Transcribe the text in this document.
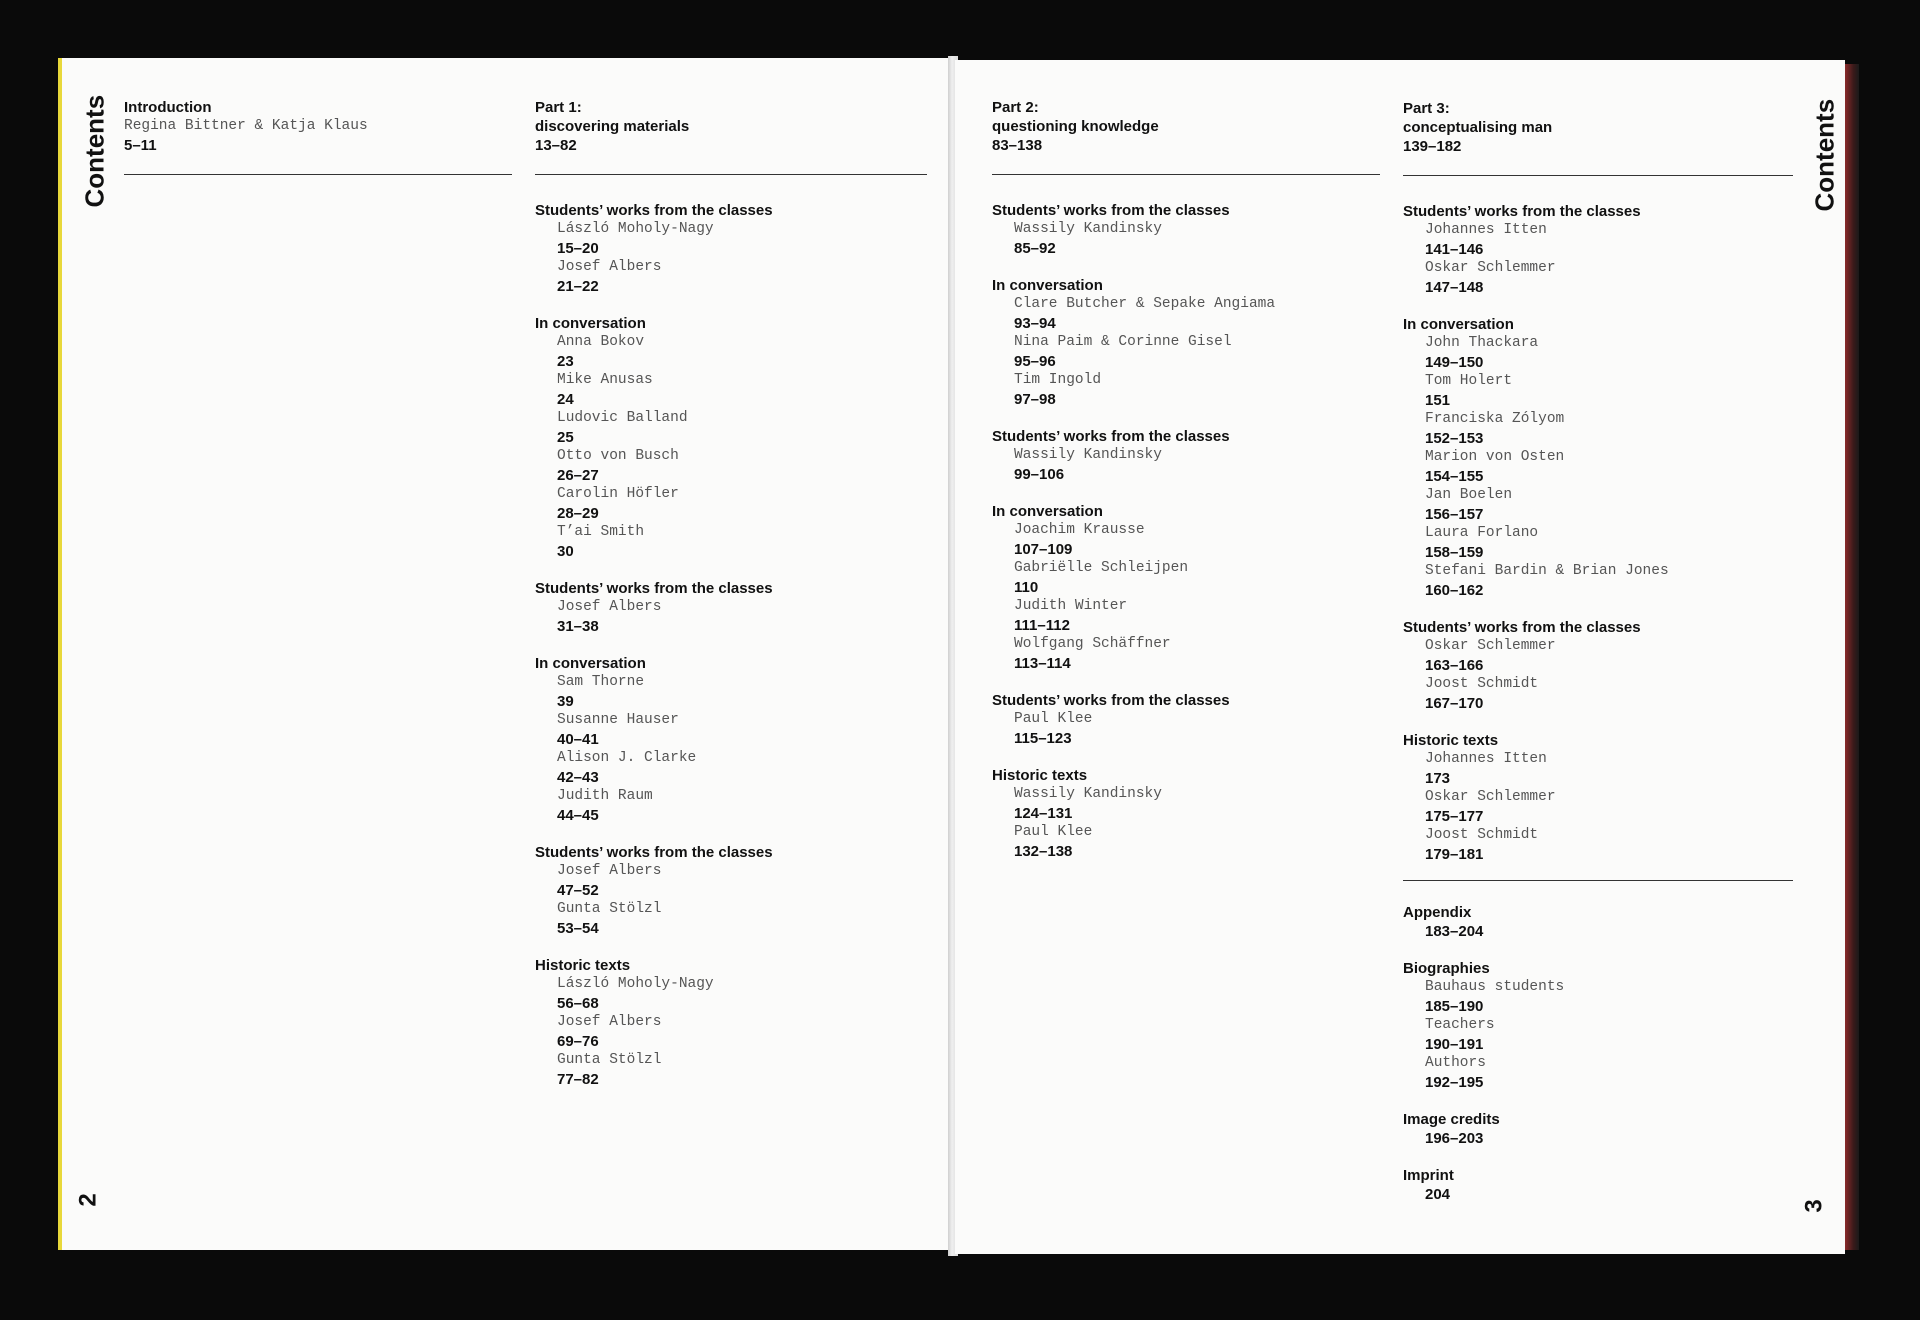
Contents
2
Introduction
Regina Bittner & Katja Klaus
5–11
Part 1:
discovering materials
13–82
Students’ works from the classes
László Moholy-Nagy
15–20
Josef Albers
21–22
In conversation
Anna Bokov
23
Mike Anusas
24
Ludovic Balland
25
Otto von Busch
26–27
Carolin Höfler
28–29
T’ai Smith
30
Students’ works from the classes
Josef Albers
31–38
In conversation
Sam Thorne
39
Susanne Hauser
40–41
Alison J. Clarke
42–43
Judith Raum
44–45
Students’ works from the classes
Josef Albers
47–52
Gunta Stölzl
53–54
Historic texts
László Moholy-Nagy
56–68
Josef Albers
69–76
Gunta Stölzl
77–82
Contents
3
Part 2:
questioning knowledge
83–138
Students’ works from the classes
Wassily Kandinsky
85–92
In conversation
Clare Butcher & Sepake Angiama
93–94
Nina Paim & Corinne Gisel
95–96
Tim Ingold
97–98
Students’ works from the classes
Wassily Kandinsky
99–106
In conversation
Joachim Krausse
107–109
Gabriëlle Schleijpen
110
Judith Winter
111–112
Wolfgang Schäffner
113–114
Students’ works from the classes
Paul Klee
115–123
Historic texts
Wassily Kandinsky
124–131
Paul Klee
132–138
Part 3:
conceptualising man
139–182
Students’ works from the classes
Johannes Itten
141–146
Oskar Schlemmer
147–148
In conversation
John Thackara
149–150
Tom Holert
151
Franciska Zólyom
152–153
Marion von Osten
154–155
Jan Boelen
156–157
Laura Forlano
158–159
Stefani Bardin & Brian Jones
160–162
Students’ works from the classes
Oskar Schlemmer
163–166
Joost Schmidt
167–170
Historic texts
Johannes Itten
173
Oskar Schlemmer
175–177
Joost Schmidt
179–181
Appendix
183–204
Biographies
Bauhaus students
185–190
Teachers
190–191
Authors
192–195
Image credits
196–203
Imprint
204
